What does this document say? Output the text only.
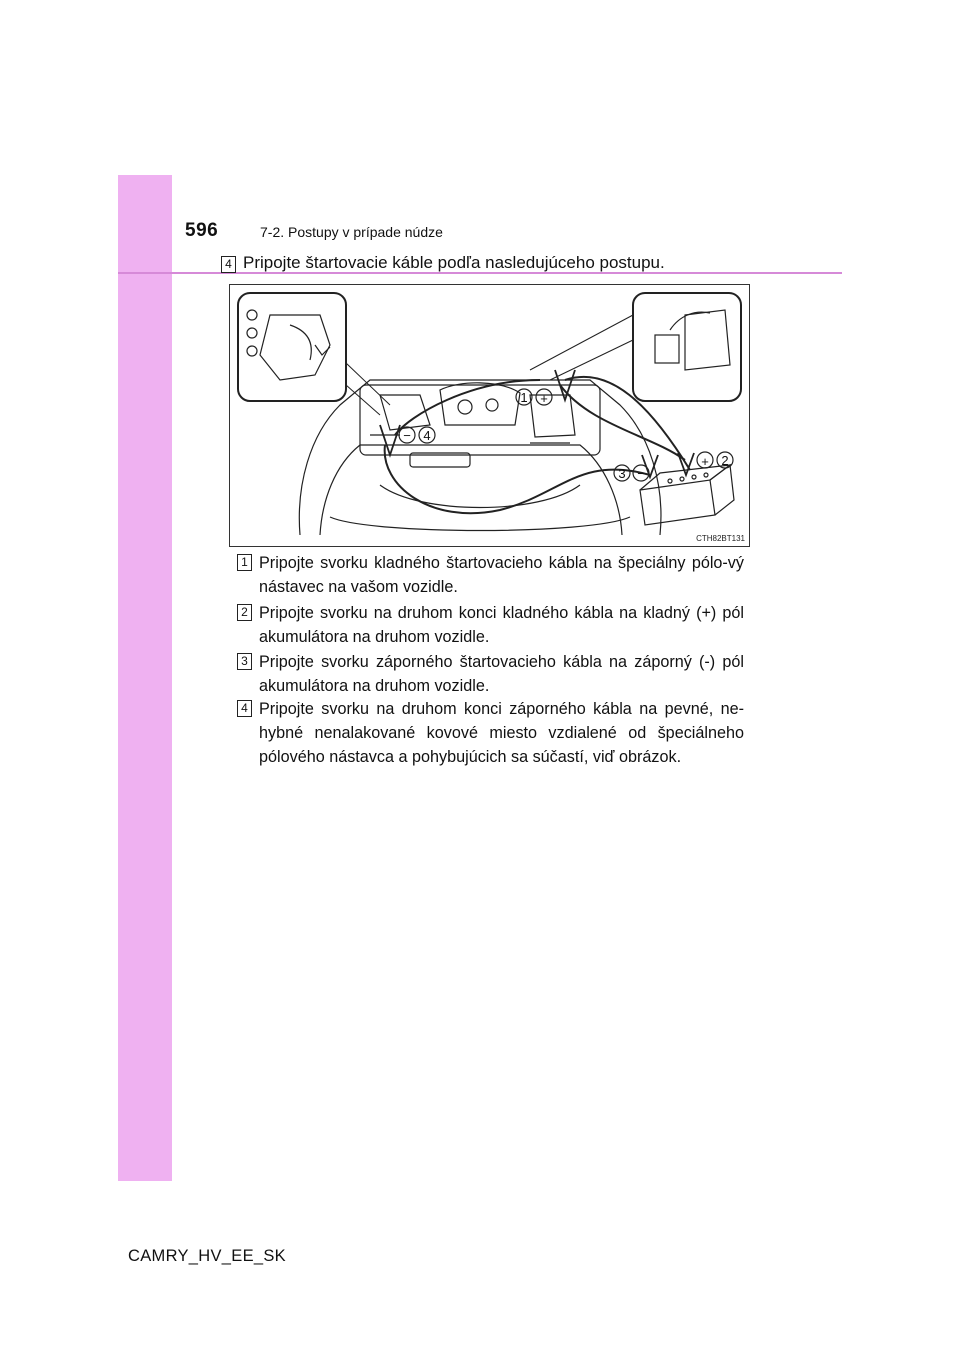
596	7-2. Postupy v prípade núdze
4 Pripojte štartovacie káble podľa nasledujúceho postupu.
1 +
2
+
3 −
4
−
CTH82BT131
1 Pripojte svorku kladného štartovacieho kábla na špeciálny pólo-vý nástavec na vašom vozidle.
2 Pripojte svorku na druhom konci kladného kábla na kladný (+) pól akumulátora na druhom vozidle.
3 Pripojte svorku záporného štartovacieho kábla na záporný (-) pól akumulátora na druhom vozidle.
4 Pripojte svorku na druhom konci záporného kábla na pevné, ne-hybné nenalakované kovové miesto vzdialené od špeciálneho pólového nástavca a pohybujúcich sa súčastí, viď obrázok.
CAMRY_HV_EE_SK
